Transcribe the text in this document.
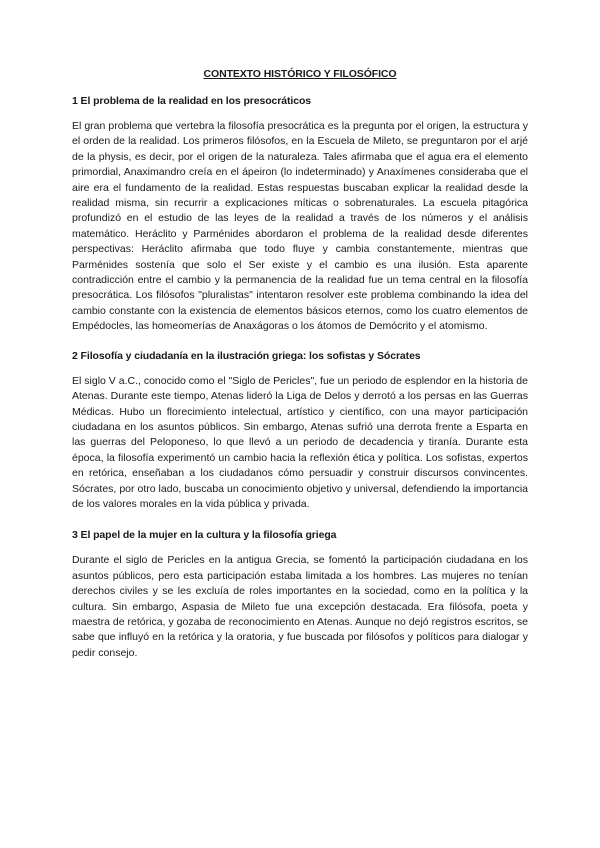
CONTEXTO HISTÓRICO Y FILOSÓFICO
1 El problema de la realidad en los presocráticos

El gran problema que vertebra la filosofía presocrática es la pregunta por el origen, la estructura y el orden de la realidad. Los primeros filósofos, en la Escuela de Mileto, se preguntaron por el arjé de la physis, es decir, por el origen de la naturaleza. Tales afirmaba que el agua era el elemento primordial, Anaximandro creía en el ápeiron (lo indeterminado) y Anaxímenes consideraba que el aire era el fundamento de la realidad. Estas respuestas buscaban explicar la realidad desde la realidad misma, sin recurrir a explicaciones míticas o sobrenaturales. La escuela pitagórica profundizó en el estudio de las leyes de la realidad a través de los números y el análisis matemático. Heráclito y Parménides abordaron el problema de la realidad desde diferentes perspectivas: Heráclito afirmaba que todo fluye y cambia constantemente, mientras que Parménides sostenía que solo el Ser existe y el cambio es una ilusión. Esta aparente contradicción entre el cambio y la permanencia de la realidad fue un tema central en la filosofía presocrática. Los filósofos "pluralistas" intentaron resolver este problema combinando la idea del cambio constante con la existencia de elementos básicos eternos, como los cuatro elementos de Empédocles, las homeomerías de Anaxágoras o los átomos de Demócrito y el atomismo.

2 Filosofía y ciudadanía en la ilustración griega: los sofistas y Sócrates

El siglo V a.C., conocido como el "Siglo de Pericles", fue un periodo de esplendor en la historia de Atenas. Durante este tiempo, Atenas lideró la Liga de Delos y derrotó a los persas en las Guerras Médicas. Hubo un florecimiento intelectual, artístico y científico, con una mayor participación ciudadana en los asuntos públicos. Sin embargo, Atenas sufrió una derrota frente a Esparta en las guerras del Peloponeso, lo que llevó a un periodo de decadencia y tiranía. Durante esta época, la filosofía experimentó un cambio hacia la reflexión ética y política. Los sofistas, expertos en retórica, enseñaban a los ciudadanos cómo persuadir y construir discursos convincentes. Sócrates, por otro lado, buscaba un conocimiento objetivo y universal, defendiendo la importancia de los valores morales en la vida pública y privada.

3 El papel de la mujer en la cultura y la filosofía griega

Durante el siglo de Pericles en la antigua Grecia, se fomentó la participación ciudadana en los asuntos públicos, pero esta participación estaba limitada a los hombres. Las mujeres no tenían derechos civiles y se les excluía de roles importantes en la sociedad, como en la política y la cultura. Sin embargo, Aspasia de Mileto fue una excepción destacada. Era filósofa, poeta y maestra de retórica, y gozaba de reconocimiento en Atenas. Aunque no dejó registros escritos, se sabe que influyó en la retórica y la oratoria, y fue buscada por filósofos y políticos para dialogar y pedir consejo.
